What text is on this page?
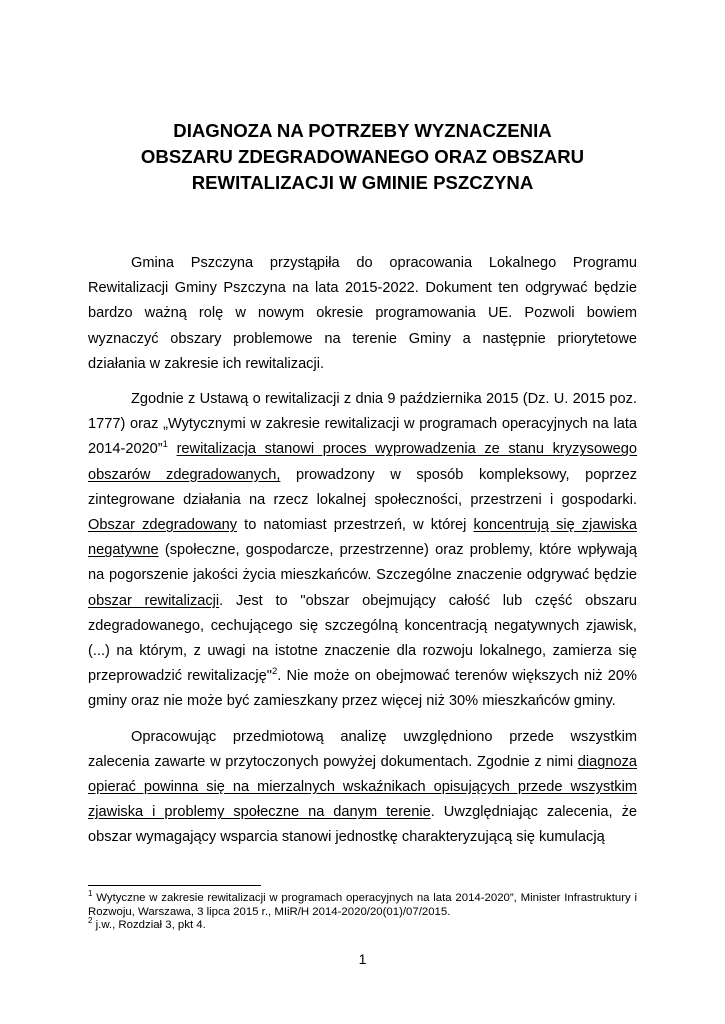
DIAGNOZA NA POTRZEBY WYZNACZENIA
OBSZARU ZDEGRADOWANEGO ORAZ OBSZARU
REWITALIZACJI W GMINIE PSZCZYNA

Gmina Pszczyna przystąpiła do opracowania Lokalnego Programu Rewitalizacji Gminy Pszczyna na lata 2015-2022. Dokument ten odgrywać będzie bardzo ważną rolę w nowym okresie programowania UE. Pozwoli bowiem wyznaczyć obszary problemowe na terenie Gminy a następnie priorytetowe działania w zakresie ich rewitalizacji.

Zgodnie z Ustawą o rewitalizacji z dnia 9 października 2015 (Dz. U. 2015 poz. 1777) oraz „Wytycznymi w zakresie rewitalizacji w programach operacyjnych na lata 2014-2020”$^1$ rewitalizacja stanowi proces wyprowadzenia ze stanu kryzysowego obszarów zdegradowanych, prowadzony w sposób kompleksowy, poprzez zintegrowane działania na rzecz lokalnej społeczności, przestrzeni i gospodarki. Obszar zdegradowany to natomiast przestrzeń, w której koncentrują się zjawiska negatywne (społeczne, gospodarcze, przestrzenne) oraz problemy, które wpływają na pogorszenie jakości życia mieszkańców. Szczególne znaczenie odgrywać będzie obszar rewitalizacji. Jest to "obszar obejmujący całość lub część obszaru zdegradowanego, cechującego się szczególną koncentracją negatywnych zjawisk, (...) na którym, z uwagi na istotne znaczenie dla rozwoju lokalnego, zamierza się przeprowadzić rewitalizację"$^2$. Nie może on obejmować terenów większych niż 20% gminy oraz nie może być zamieszkany przez więcej niż 30% mieszkańców gminy.

Opracowując przedmiotową analizę uwzględniono przede wszystkim zalecenia zawarte w przytoczonych powyżej dokumentach. Zgodnie z nimi diagnoza opierać powinna się na mierzalnych wskaźnikach opisujących przede wszystkim zjawiska i problemy społeczne na danym terenie. Uwzględniając zalecenia, że obszar wymagający wsparcia stanowi jednostkę charakteryzującą się kumulacją

$^1$ Wytyczne w zakresie rewitalizacji w programach operacyjnych na lata 2014-2020”, Minister Infrastruktury i Rozwoju, Warszawa, 3 lipca 2015 r., MIiR/H 2014-2020/20(01)/07/2015.

$^2$ j.w., Rozdział 3, pkt 4.

1
